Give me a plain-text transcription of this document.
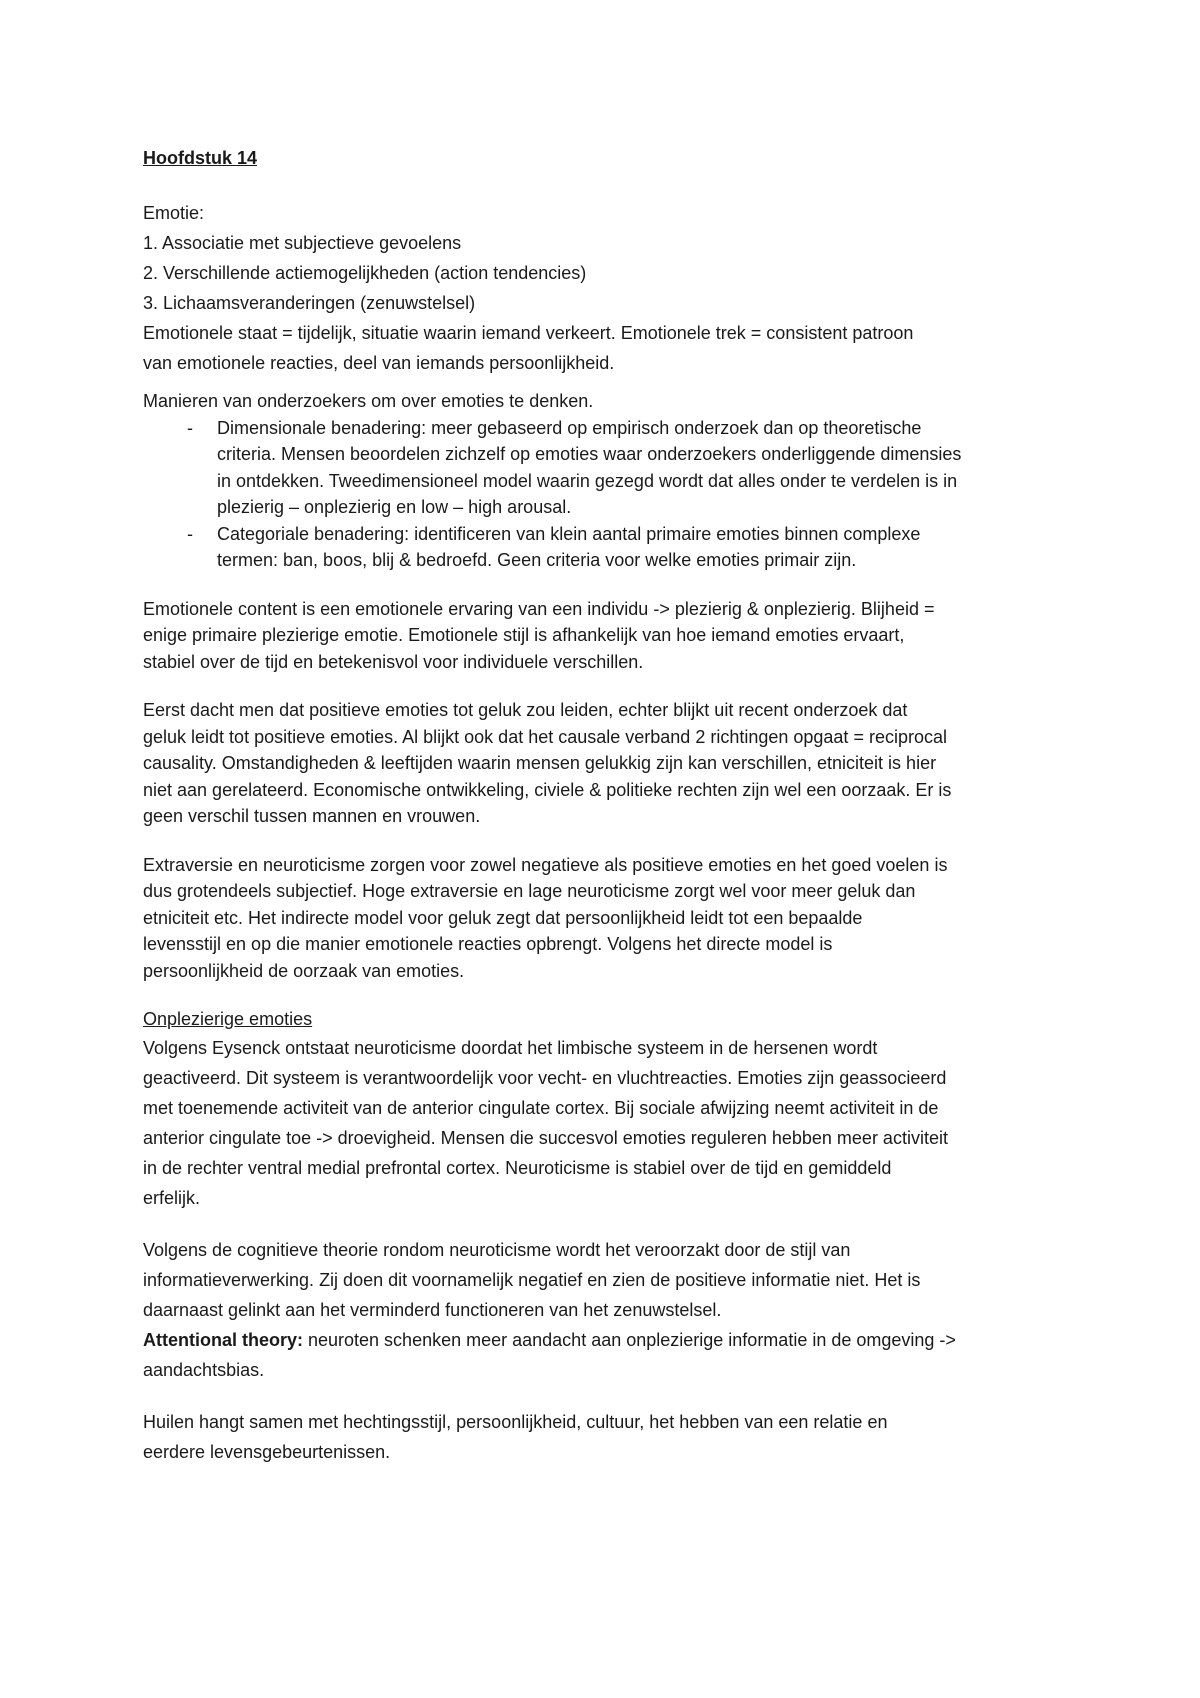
Hoofdstuk 14

Emotie:

1. Associatie met subjectieve gevoelens

2. Verschillende actiemogelijkheden (action tendencies)

3. Lichaamsveranderingen (zenuwstelsel)

Emotionele staat = tijdelijk, situatie waarin iemand verkeert. Emotionele trek = consistent patroon

van emotionele reacties, deel van iemands persoonlijkheid.

Manieren van onderzoekers om over emoties te denken.

- Dimensionale benadering: meer gebaseerd op empirisch onderzoek dan op theoretische

criteria. Mensen beoordelen zichzelf op emoties waar onderzoekers onderliggende dimensies

in ontdekken. Tweedimensioneel model waarin gezegd wordt dat alles onder te verdelen is in

plezierig – onplezierig en low – high arousal.

- Categoriale benadering: identificeren van klein aantal primaire emoties binnen complexe

termen: ban, boos, blij & bedroefd. Geen criteria voor welke emoties primair zijn.

Emotionele content is een emotionele ervaring van een individu -> plezierig & onplezierig. Blijheid =

enige primaire plezierige emotie. Emotionele stijl is afhankelijk van hoe iemand emoties ervaart,

stabiel over de tijd en betekenisvol voor individuele verschillen.

Eerst dacht men dat positieve emoties tot geluk zou leiden, echter blijkt uit recent onderzoek dat

geluk leidt tot positieve emoties. Al blijkt ook dat het causale verband 2 richtingen opgaat = reciprocal

causality. Omstandigheden & leeftijden waarin mensen gelukkig zijn kan verschillen, etniciteit is hier

niet aan gerelateerd. Economische ontwikkeling, civiele & politieke rechten zijn wel een oorzaak. Er is

geen verschil tussen mannen en vrouwen.

Extraversie en neuroticisme zorgen voor zowel negatieve als positieve emoties en het goed voelen is

dus grotendeels subjectief. Hoge extraversie en lage neuroticisme zorgt wel voor meer geluk dan

etniciteit etc. Het indirecte model voor geluk zegt dat persoonlijkheid leidt tot een bepaalde

levensstijl en op die manier emotionele reacties opbrengt. Volgens het directe model is

persoonlijkheid de oorzaak van emoties.

Onplezierige emoties

Volgens Eysenck ontstaat neuroticisme doordat het limbische systeem in de hersenen wordt

geactiveerd. Dit systeem is verantwoordelijk voor vecht- en vluchtreacties. Emoties zijn geassocieerd

met toenemende activiteit van de anterior cingulate cortex. Bij sociale afwijzing neemt activiteit in de

anterior cingulate toe -> droevigheid. Mensen die succesvol emoties reguleren hebben meer activiteit

in de rechter ventral medial prefrontal cortex. Neuroticisme is stabiel over de tijd en gemiddeld

erfelijk.

Volgens de cognitieve theorie rondom neuroticisme wordt het veroorzakt door de stijl van

informatieverwerking. Zij doen dit voornamelijk negatief en zien de positieve informatie niet. Het is

daarnaast gelinkt aan het verminderd functioneren van het zenuwstelsel.

Attentional theory: neuroten schenken meer aandacht aan onplezierige informatie in de omgeving ->

aandachtsbias.

Huilen hangt samen met hechtingsstijl, persoonlijkheid, cultuur, het hebben van een relatie en

eerdere levensgebeurtenissen.
